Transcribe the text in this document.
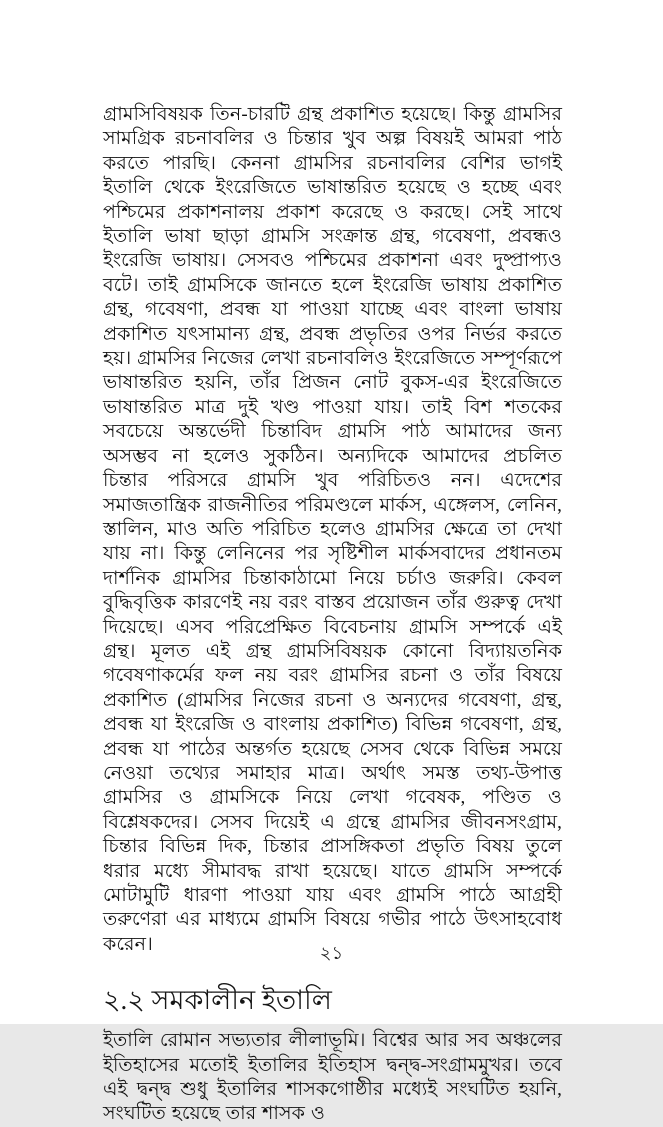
গ্রামসিবিষয়ক তিন-চারটি গ্রন্থ প্রকাশিত হয়েছে। কিন্তু গ্রামসির সামগ্রিক রচনাবলির ও চিন্তার খুব অল্প বিষয়ই আমরা পাঠ করতে পারছি। কেননা গ্রামসির রচনাবলির বেশির ভাগই ইতালি থেকে ইংরেজিতে ভাষান্তরিত হয়েছে ও হচ্ছে এবং পশ্চিমের প্রকাশনালয় প্রকাশ করেছে ও করছে। সেই সাথে ইতালি ভাষা ছাড়া গ্রামসি সংক্রান্ত গ্রন্থ, গবেষণা, প্রবন্ধও ইংরেজি ভাষায়। সেসবও পশ্চিমের প্রকাশনা এবং দুষ্প্রাপ্যও বটে। তাই গ্রামসিকে জানতে হলে ইংরেজি ভাষায় প্রকাশিত গ্রন্থ, গবেষণা, প্রবন্ধ যা পাওয়া যাচ্ছে এবং বাংলা ভাষায় প্রকাশিত যৎসামান্য গ্রন্থ, প্রবন্ধ প্রভৃতির ওপর নির্ভর করতে হয়। গ্রামসির নিজের লেখা রচনাবলিও ইংরেজিতে সম্পূর্ণরূপে ভাষান্তরিত হয়নি, তাঁর প্রিজন নোট বুকস-এর ইংরেজিতে ভাষান্তরিত মাত্র দুই খণ্ড পাওয়া যায়। তাই বিশ শতকের সবচেয়ে অন্তর্ভেদী চিন্তাবিদ গ্রামসি পাঠ আমাদের জন্য অসম্ভব না হলেও সুকঠিন। অন্যদিকে আমাদের প্রচলিত চিন্তার পরিসরে গ্রামসি খুব পরিচিতও নন। এদেশের সমাজতান্ত্রিক রাজনীতির পরিমণ্ডলে মার্কস, এঙ্গেলস, লেনিন, স্তালিন, মাও অতি পরিচিত হলেও গ্রামসির ক্ষেত্রে তা দেখা যায় না। কিন্তু লেনিনের পর সৃষ্টিশীল মার্কসবাদের প্রধানতম দার্শনিক গ্রামসির চিন্তাকাঠামো নিয়ে চর্চাও জরুরি। কেবল বুদ্ধিবৃত্তিক কারণেই নয় বরং বাস্তব প্রয়োজন তাঁর গুরুত্ব দেখা দিয়েছে। এসব পরিপ্রেক্ষিত বিবেচনায় গ্রামসি সম্পর্কে এই গ্রন্থ। মূলত এই গ্রন্থ গ্রামসিবিষয়ক কোনো বিদ্যায়তনিক গবেষণাকর্মের ফল নয় বরং গ্রামসির রচনা ও তাঁর বিষয়ে প্রকাশিত (গ্রামসির নিজের রচনা ও অন্যদের গবেষণা, গ্রন্থ, প্রবন্ধ যা ইংরেজি ও বাংলায় প্রকাশিত) বিভিন্ন গবেষণা, গ্রন্থ, প্রবন্ধ যা পাঠের অন্তর্গত হয়েছে সেসব থেকে বিভিন্ন সময়ে নেওয়া তথ্যের সমাহার মাত্র। অর্থাৎ সমস্ত তথ্য-উপাত্ত গ্রামসির ও গ্রামসিকে নিয়ে লেখা গবেষক, পণ্ডিত ও বিশ্লেষকদের। সেসব দিয়েই এ গ্রন্থে গ্রামসির জীবনসংগ্রাম, চিন্তার বিভিন্ন দিক, চিন্তার প্রাসঙ্গিকতা প্রভৃতি বিষয় তুলে ধরার মধ্যে সীমাবদ্ধ রাখা হয়েছে। যাতে গ্রামসি সম্পর্কে মোটামুটি ধারণা পাওয়া যায় এবং গ্রামসি পাঠে আগ্রহী তরুণেরা এর মাধ্যমে গ্রামসি বিষয়ে গভীর পাঠে উৎসাহবোধ করেন।

২.২ সমকালীন ইতালি

ইতালি রোমান সভ্যতার লীলাভূমি। বিশ্বের আর সব অঞ্চলের ইতিহাসের মতোই ইতালির ইতিহাস দ্বন্দ্ব-সংগ্রামমুখর। তবে এই দ্বন্দ্ব শুধু ইতালির শাসকগোষ্ঠীর মধ্যেই সংঘটিত হয়নি, সংঘটিত হয়েছে তার শাসক ও

২১
